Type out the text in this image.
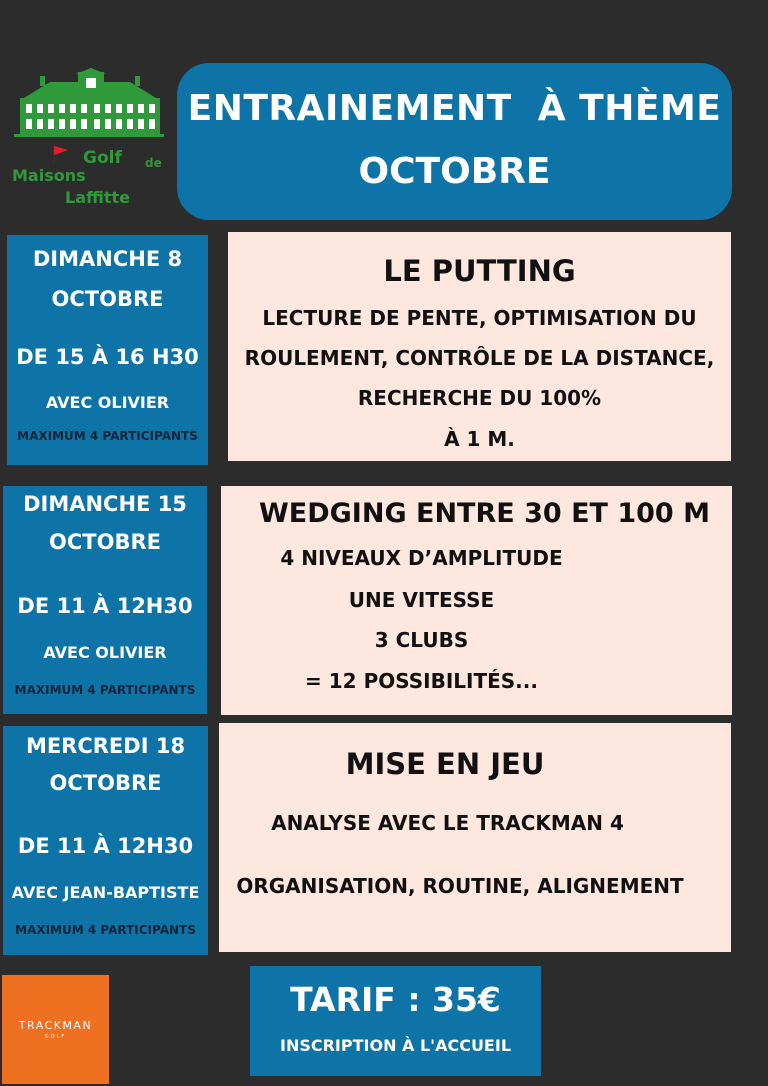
Golf de
Maisons
Laffitte
ENTRAINEMENT  À THÈME
OCTOBRE
DIMANCHE 8
OCTOBRE
DE 15 À 16 H30
AVEC OLIVIER
MAXIMUM 4 PARTICIPANTS
LE PUTTING
LECTURE DE PENTE, OPTIMISATION DU
ROULEMENT, CONTRÔLE DE LA DISTANCE,
RECHERCHE DU 100%
À 1 M.
DIMANCHE 15
OCTOBRE
DE 11 À 12H30
AVEC OLIVIER
MAXIMUM 4 PARTICIPANTS
WEDGING ENTRE 30 ET 100 M
4 NIVEAUX D’AMPLITUDE
UNE VITESSE
3 CLUBS
= 12 POSSIBILITÉS...
MERCREDI 18
OCTOBRE
DE 11 À 12H30
AVEC JEAN-BAPTISTE
MAXIMUM 4 PARTICIPANTS
MISE EN JEU
ANALYSE AVEC LE TRACKMAN 4
ORGANISATION, ROUTINE, ALIGNEMENT
TRACKMAN
GOLF
TARIF : 35€
INSCRIPTION À L'ACCUEIL
